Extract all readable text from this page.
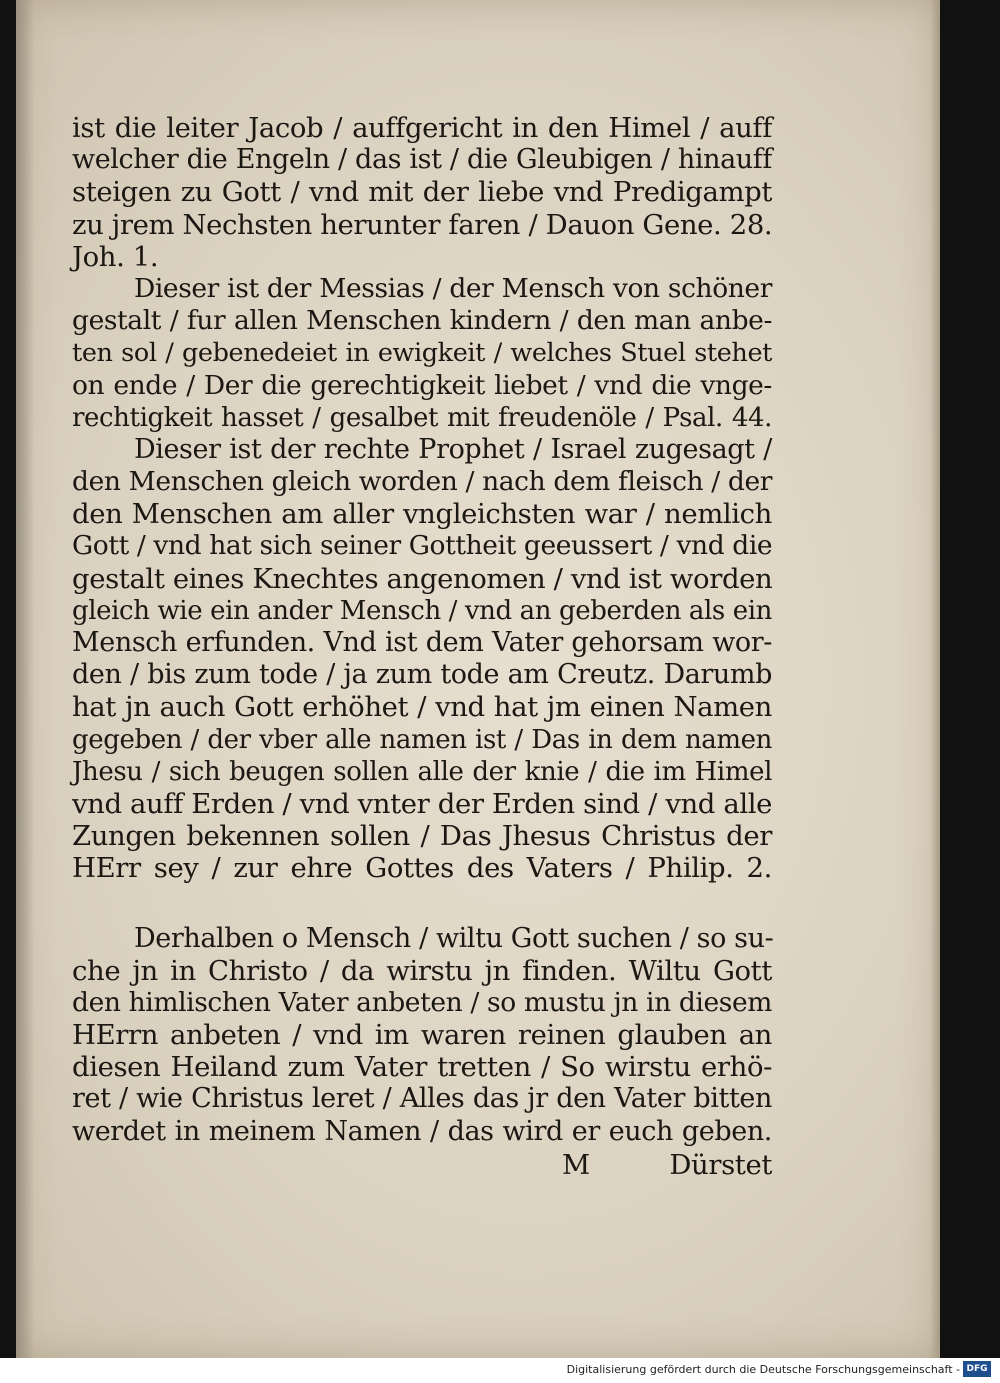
ist die leiter Jacob / auffgericht in den Himel / auff
welcher die Engeln / das ist / die Gleubigen / hinauff
steigen zu Gott / vnd mit der liebe vnd Predigampt
zu jrem Nechsten herunter faren / Dauon Gene. 28.
Joh. 1.
Dieser ist der Messias / der Mensch von schöner
gestalt / fur allen Menschen kindern / den man anbe-
ten sol / gebenedeiet in ewigkeit / welches Stuel stehet
on ende / Der die gerechtigkeit liebet / vnd die vnge-
rechtigkeit hasset / gesalbet mit freudenöle / Psal. 44.
Dieser ist der rechte Prophet / Israel zugesagt /
den Menschen gleich worden / nach dem fleisch / der
den Menschen am aller vngleichsten war / nemlich
Gott / vnd hat sich seiner Gottheit geeussert / vnd die
gestalt eines Knechtes angenomen / vnd ist worden
gleich wie ein ander Mensch / vnd an geberden als ein
Mensch erfunden. Vnd ist dem Vater gehorsam wor-
den / bis zum tode / ja zum tode am Creutz. Darumb
hat jn auch Gott erhöhet / vnd hat jm einen Namen
gegeben / der vber alle namen ist / Das in dem namen
Jhesu / sich beugen sollen alle der knie / die im Himel
vnd auff Erden / vnd vnter der Erden sind / vnd alle
Zungen bekennen sollen / Das Jhesus Christus der
HErr sey / zur ehre Gottes des Vaters / Philip. 2.
Derhalben o Mensch / wiltu Gott suchen / so su-
che jn in Christo / da wirstu jn finden. Wiltu Gott
den himlischen Vater anbeten / so mustu jn in diesem
HErrn anbeten / vnd im waren reinen glauben an
diesen Heiland zum Vater tretten / So wirstu erhö-
ret / wie Christus leret / Alles das jr den Vater bitten
werdet in meinem Namen / das wird er euch geben.
M	Dürstet
Digitalisierung gefördert durch die Deutsche Forschungsgemeinschaft - DFG
